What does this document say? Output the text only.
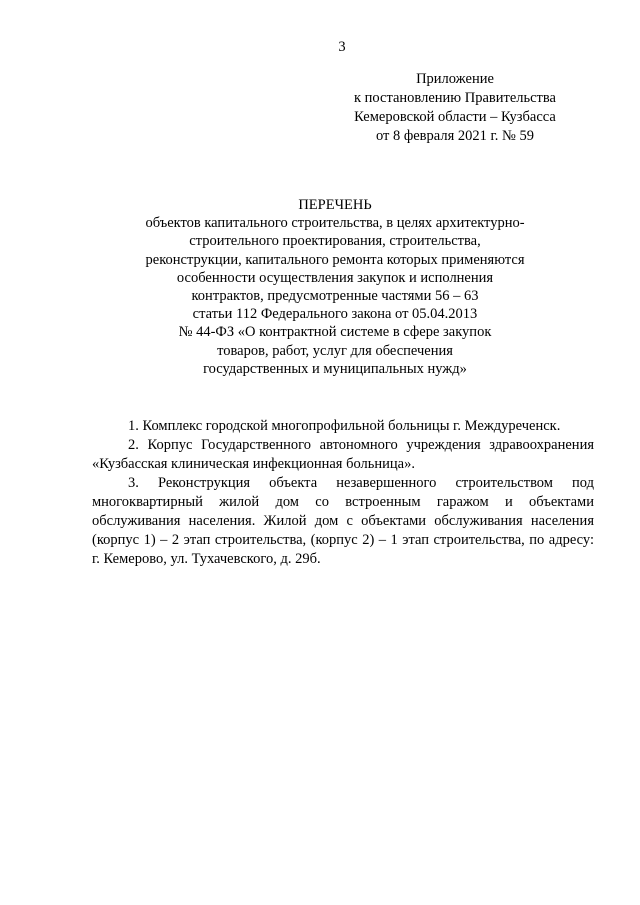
3
Приложение
к постановлению Правительства
Кемеровской области – Кузбасса
от 8 февраля 2021 г. № 59
ПЕРЕЧЕНЬ
объектов капитального строительства, в целях архитектурно-
строительного проектирования, строительства,
реконструкции, капитального ремонта которых применяются
особенности осуществления закупок и исполнения
контрактов, предусмотренные частями 56 – 63
статьи 112 Федерального закона от 05.04.2013
№ 44-ФЗ «О контрактной системе в сфере закупок
товаров, работ, услуг для обеспечения
государственных и муниципальных нужд»

1. Комплекс городской многопрофильной больницы г. Междуреченск.

2. Корпус Государственного автономного учреждения здравоохранения «Кузбасская клиническая инфекционная больница».

3. Реконструкция объекта незавершенного строительством под многоквартирный жилой дом со встроенным гаражом и объектами обслуживания населения. Жилой дом с объектами обслуживания населения (корпус 1) – 2 этап строительства, (корпус 2) – 1 этап строительства, по адресу: г. Кемерово, ул. Тухачевского, д. 29б.
